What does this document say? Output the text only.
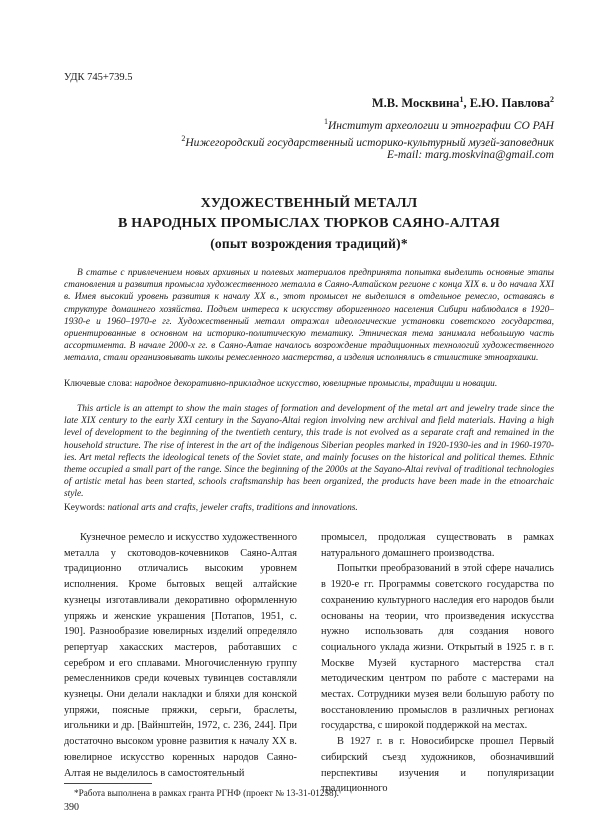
УДК 745+739.5
М.В. Москвина$^1$, Е.Ю. Павлова$^2$
$^1$Институт археологии и этнографии СО РАН
$^2$Нижегородский государственный историко-культурный музей-заповедник
E-mail: marg.moskvina@gmail.com
ХУДОЖЕСТВЕННЫЙ МЕТАЛЛ
В НАРОДНЫХ ПРОМЫСЛАХ ТЮРКОВ САЯНО-АЛТАЯ
(опыт возрождения традиций)*
В статье с привлечением новых архивных и полевых материалов предпринята попытка выделить основные этапы становления и развития промысла художественного металла в Саяно-Алтайском регионе с конца XIX в. и до начала XXI в. Имея высокий уровень развития к началу XX в., этот промысел не выделился в отдельное ремесло, оставаясь в структуре домашнего хозяйства. Подъем интереса к искусству аборигенного населения Сибири наблюдался в 1920–1930-е и 1960–1970-е гг. Художественный металл отражал идеологические установки советского государства, ориентированные в основном на историко-политическую тематику. Этническая тема занимала небольшую часть ассортимента. В начале 2000-х гг. в Саяно-Алтае началось возрождение традиционных технологий художественного металла, стали организовывать школы ремесленного мастерства, а изделия исполнялись в стилистике этноархаики.
Ключевые слова: народное декоративно-прикладное искусство, ювелирные промыслы, традиции и новации.
This article is an attempt to show the main stages of formation and development of the metal art and jewelry trade since the late XIX century to the early XXI century in the Sayano-Altai region involving new archival and field materials. Having a high level of development to the beginning of the twentieth century, this trade is not evolved as a separate craft and remained in the household structure. The rise of interest in the art of the indigenous Siberian peoples marked in 1920-1930-ies and in 1960-1970-ies. Art metal reflects the ideological tenets of the Soviet state, and mainly focuses on the historical and political themes. Ethnic theme occupied a small part of the range. Since the beginning of the 2000s at the Sayano-Altai revival of traditional technologies of artistic metal has been started, schools craftsmanship has been organized, the products have been made in the etnoarchaic style.
Keywords: national arts and crafts, jeweler crafts, traditions and innovations.

Кузнечное ремесло и искусство художественного металла у скотоводов-кочевников Саяно-Алтая традиционно отличались высоким уровнем исполнения. Кроме бытовых вещей алтайские кузнецы изготавливали декоративно оформленную упряжь и женские украшения [Потапов, 1951, с. 190]. Разнообразие ювелирных изделий определяло репертуар хакасских мастеров, работавших с серебром и его сплавами. Многочисленную группу ремесленников среди кочевых тувинцев составляли кузнецы. Они делали накладки и бляхи для конской упряжи, поясные пряжки, серьги, браслеты, игольники и др. [Вайнштейн, 1972, с. 236, 244]. При достаточно высоком уровне развития к началу XX в. ювелирное искусство коренных народов Саяно-Алтая не выделилось в самостоятельный

промысел, продолжая существовать в рамках натурального домашнего производства.

Попытки преобразований в этой сфере начались в 1920-е гг. Программы советского государства по сохранению культурного наследия его народов были основаны на теории, что произведения искусства нужно использовать для создания нового социального уклада жизни. Открытый в 1925 г. в г. Москве Музей кустарного мастерства стал методическим центром по работе с мастерами на местах. Сотрудники музея вели большую работу по восстановлению промыслов в различных регионах государства, с широкой поддержкой на местах.

В 1927 г. в г. Новосибирске прошел Первый сибирский съезд художников, обозначивший перспективы изучения и популяризации традиционного

*Работа выполнена в рамках гранта РГНФ (проект № 13-31-01258).
390
